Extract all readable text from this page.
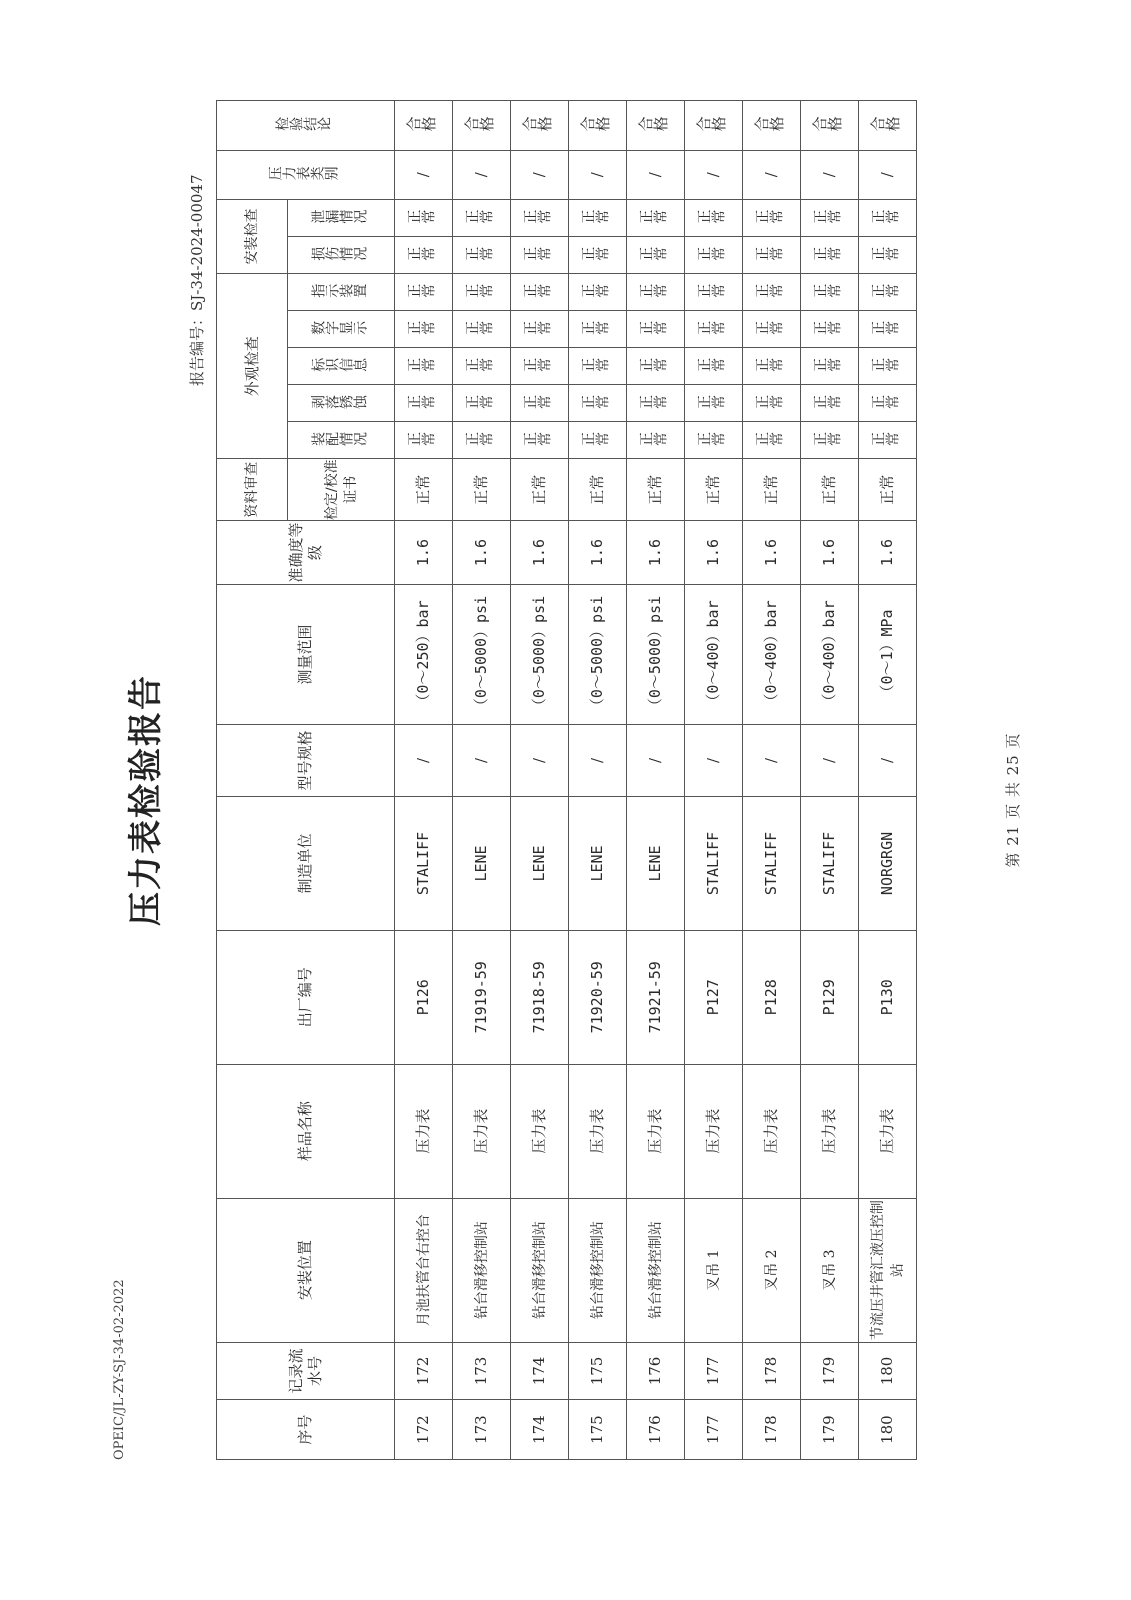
OPEIC/JL-ZY-SJ-34-02-2022
压力表检验报告
报告编号：SJ-34-2024-00047
序号	记录流水号	安装位置	样品名称	出厂编号	制造单位	型号规格	测量范围	准确度等级	资料审查	外观检查					安装检查		压力表类别	检验结论
									检定/校准证书	装配情况	剥落锈蚀	标识信息	数字显示	指示装置	损伤情况	泄漏情况		
172	172	月池扶管台右控台	压力表	P126	STALIFF	/	（0～250）bar	1.6	正常	正常	正常	正常	正常	正常	正常	正常	/	合格
173	173	钻台滑移控制站	压力表	71919-59	LENE	/	（0～5000）psi	1.6	正常	正常	正常	正常	正常	正常	正常	正常	/	合格
174	174	钻台滑移控制站	压力表	71918-59	LENE	/	（0～5000）psi	1.6	正常	正常	正常	正常	正常	正常	正常	正常	/	合格
175	175	钻台滑移控制站	压力表	71920-59	LENE	/	（0～5000）psi	1.6	正常	正常	正常	正常	正常	正常	正常	正常	/	合格
176	176	钻台滑移控制站	压力表	71921-59	LENE	/	（0～5000）psi	1.6	正常	正常	正常	正常	正常	正常	正常	正常	/	合格
177	177	叉吊 1	压力表	P127	STALIFF	/	（0～400）bar	1.6	正常	正常	正常	正常	正常	正常	正常	正常	/	合格
178	178	叉吊 2	压力表	P128	STALIFF	/	（0～400）bar	1.6	正常	正常	正常	正常	正常	正常	正常	正常	/	合格
179	179	叉吊 3	压力表	P129	STALIFF	/	（0～400）bar	1.6	正常	正常	正常	正常	正常	正常	正常	正常	/	合格
180	180	节流压井管汇液压控制站	压力表	P130	NORGRGN	/	（0～1）MPa	1.6	正常	正常	正常	正常	正常	正常	正常	正常	/	合格
第 21 页 共 25 页
